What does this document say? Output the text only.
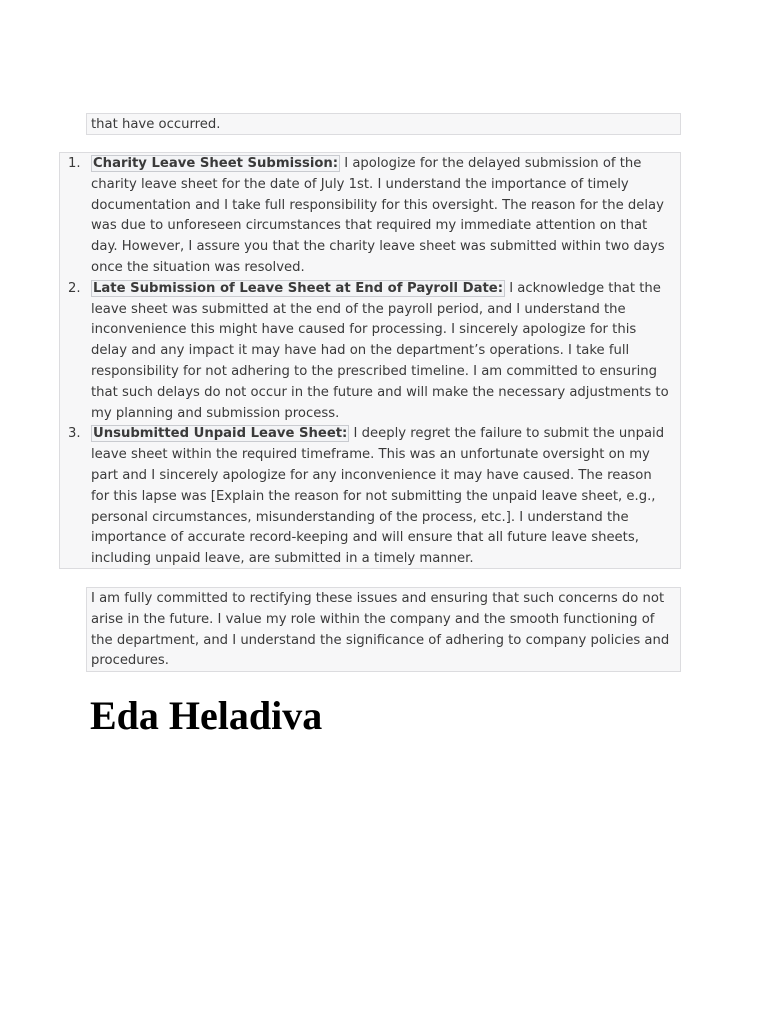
that have occurred.
1. Charity Leave Sheet Submission: I apologize for the delayed submission of the charity leave sheet for the date of July 1st. I understand the importance of timely documentation and I take full responsibility for this oversight. The reason for the delay was due to unforeseen circumstances that required my immediate attention on that day. However, I assure you that the charity leave sheet was submitted within two days once the situation was resolved.
2. Late Submission of Leave Sheet at End of Payroll Date: I acknowledge that the leave sheet was submitted at the end of the payroll period, and I understand the inconvenience this might have caused for processing. I sincerely apologize for this delay and any impact it may have had on the department’s operations. I take full responsibility for not adhering to the prescribed timeline. I am committed to ensuring that such delays do not occur in the future and will make the necessary adjustments to my planning and submission process.
3. Unsubmitted Unpaid Leave Sheet: I deeply regret the failure to submit the unpaid leave sheet within the required timeframe. This was an unfortunate oversight on my part and I sincerely apologize for any inconvenience it may have caused. The reason for this lapse was [Explain the reason for not submitting the unpaid leave sheet, e.g., personal circumstances, misunderstanding of the process, etc.]. I understand the importance of accurate record-keeping and will ensure that all future leave sheets, including unpaid leave, are submitted in a timely manner.
I am fully committed to rectifying these issues and ensuring that such concerns do not arise in the future. I value my role within the company and the smooth functioning of the department, and I understand the significance of adhering to company policies and procedures.
Eda Heladiva
